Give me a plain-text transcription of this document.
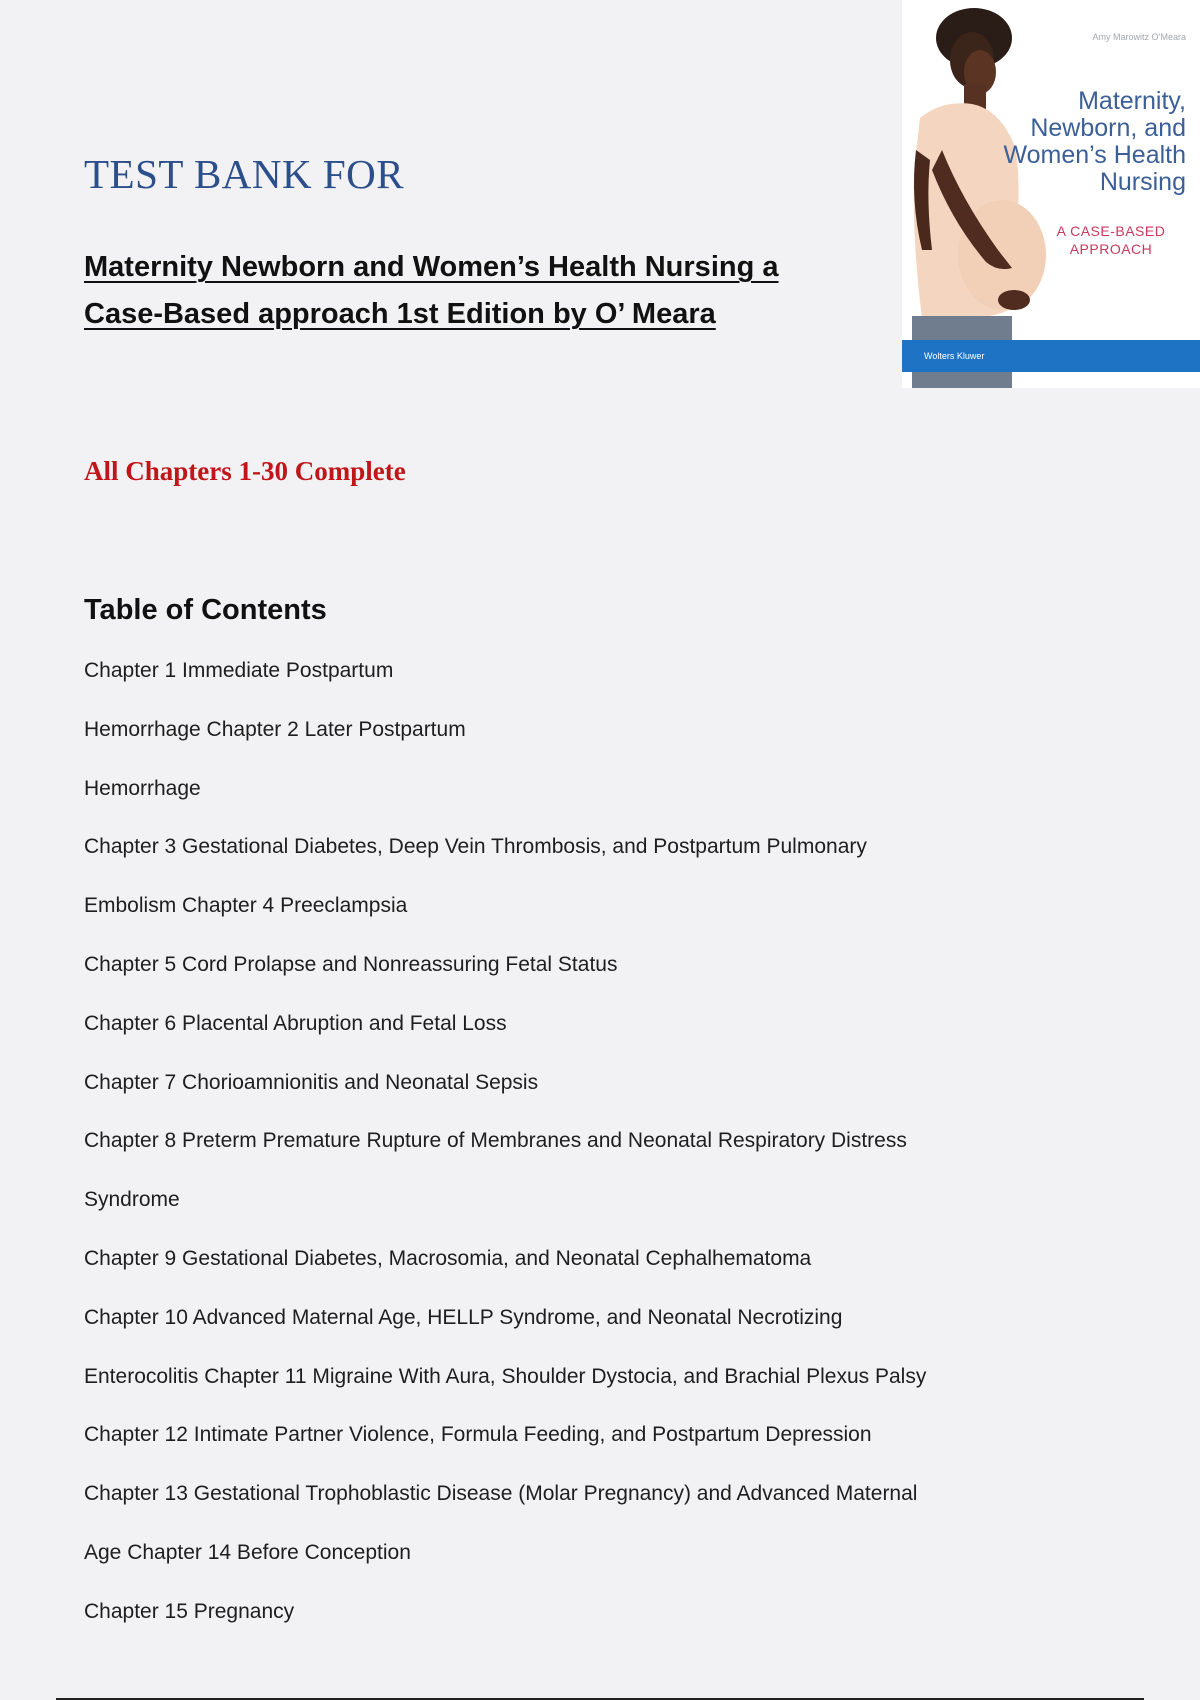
TEST BANK FOR
Maternity Newborn and Women’s Health Nursing a
Case-Based approach 1st Edition by O’ Meara
All Chapters 1-30 Complete
Table of Contents
Chapter 1 Immediate Postpartum
Hemorrhage Chapter 2 Later Postpartum
Hemorrhage
Chapter 3 Gestational Diabetes, Deep Vein Thrombosis, and Postpartum Pulmonary
Embolism Chapter 4 Preeclampsia
Chapter 5 Cord Prolapse and Nonreassuring Fetal Status
Chapter 6 Placental Abruption and Fetal Loss
Chapter 7 Chorioamnionitis and Neonatal Sepsis
Chapter 8 Preterm Premature Rupture of Membranes and Neonatal Respiratory Distress
Syndrome
Chapter 9 Gestational Diabetes, Macrosomia, and Neonatal Cephalhematoma
Chapter 10 Advanced Maternal Age, HELLP Syndrome, and Neonatal Necrotizing
Enterocolitis Chapter 11 Migraine With Aura, Shoulder Dystocia, and Brachial Plexus Palsy
Chapter 12 Intimate Partner Violence, Formula Feeding, and Postpartum Depression
Chapter 13 Gestational Trophoblastic Disease (Molar Pregnancy) and Advanced Maternal
Age Chapter 14 Before Conception
Chapter 15 Pregnancy
Amy Marowitz O’Meara
Maternity, Newborn, and Women’s Health Nursing
A CASE-BASED APPROACH
Wolters Kluwer
